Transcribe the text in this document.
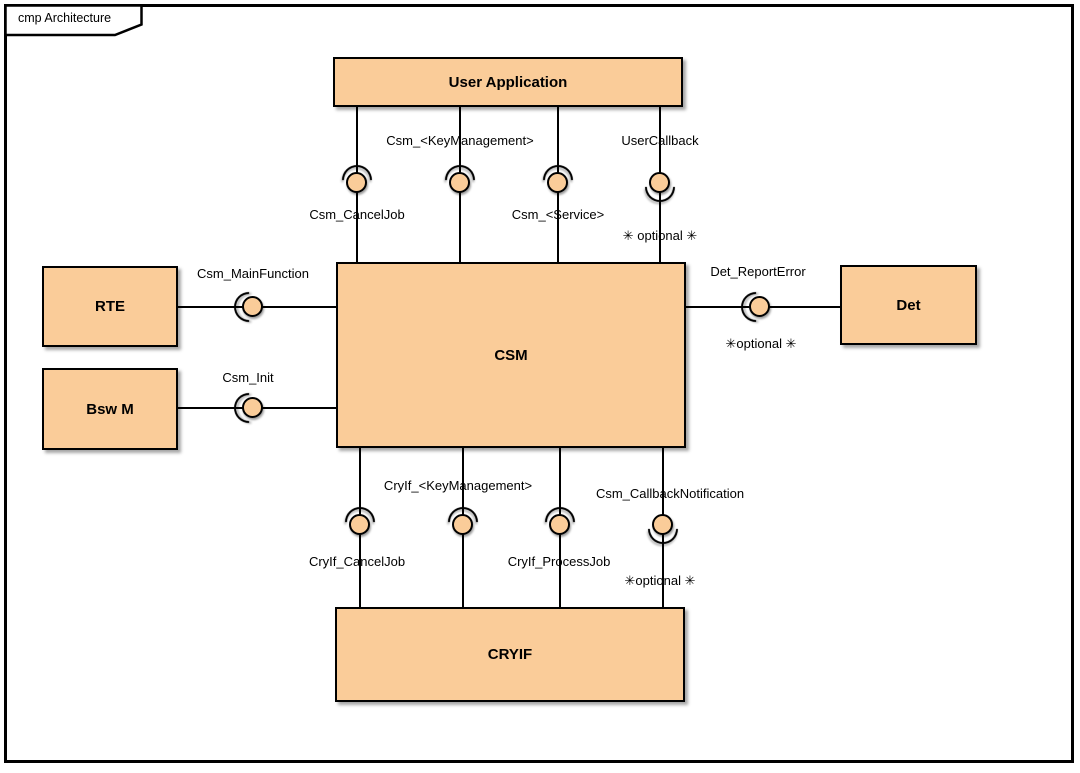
cmp Architecture
User Application
RTE
Bsw M
CSM
Det
CRYIF
Csm_<KeyManagement>	UserCallback
Csm_CancelJob	Csm_<Service>
✳ optional ✳
Csm_MainFunction
Csm_Init
Det_ReportError
✳optional ✳
CryIf_<KeyManagement>
Csm_CallbackNotification
CryIf_CancelJob	CryIf_ProcessJob
✳optional ✳
